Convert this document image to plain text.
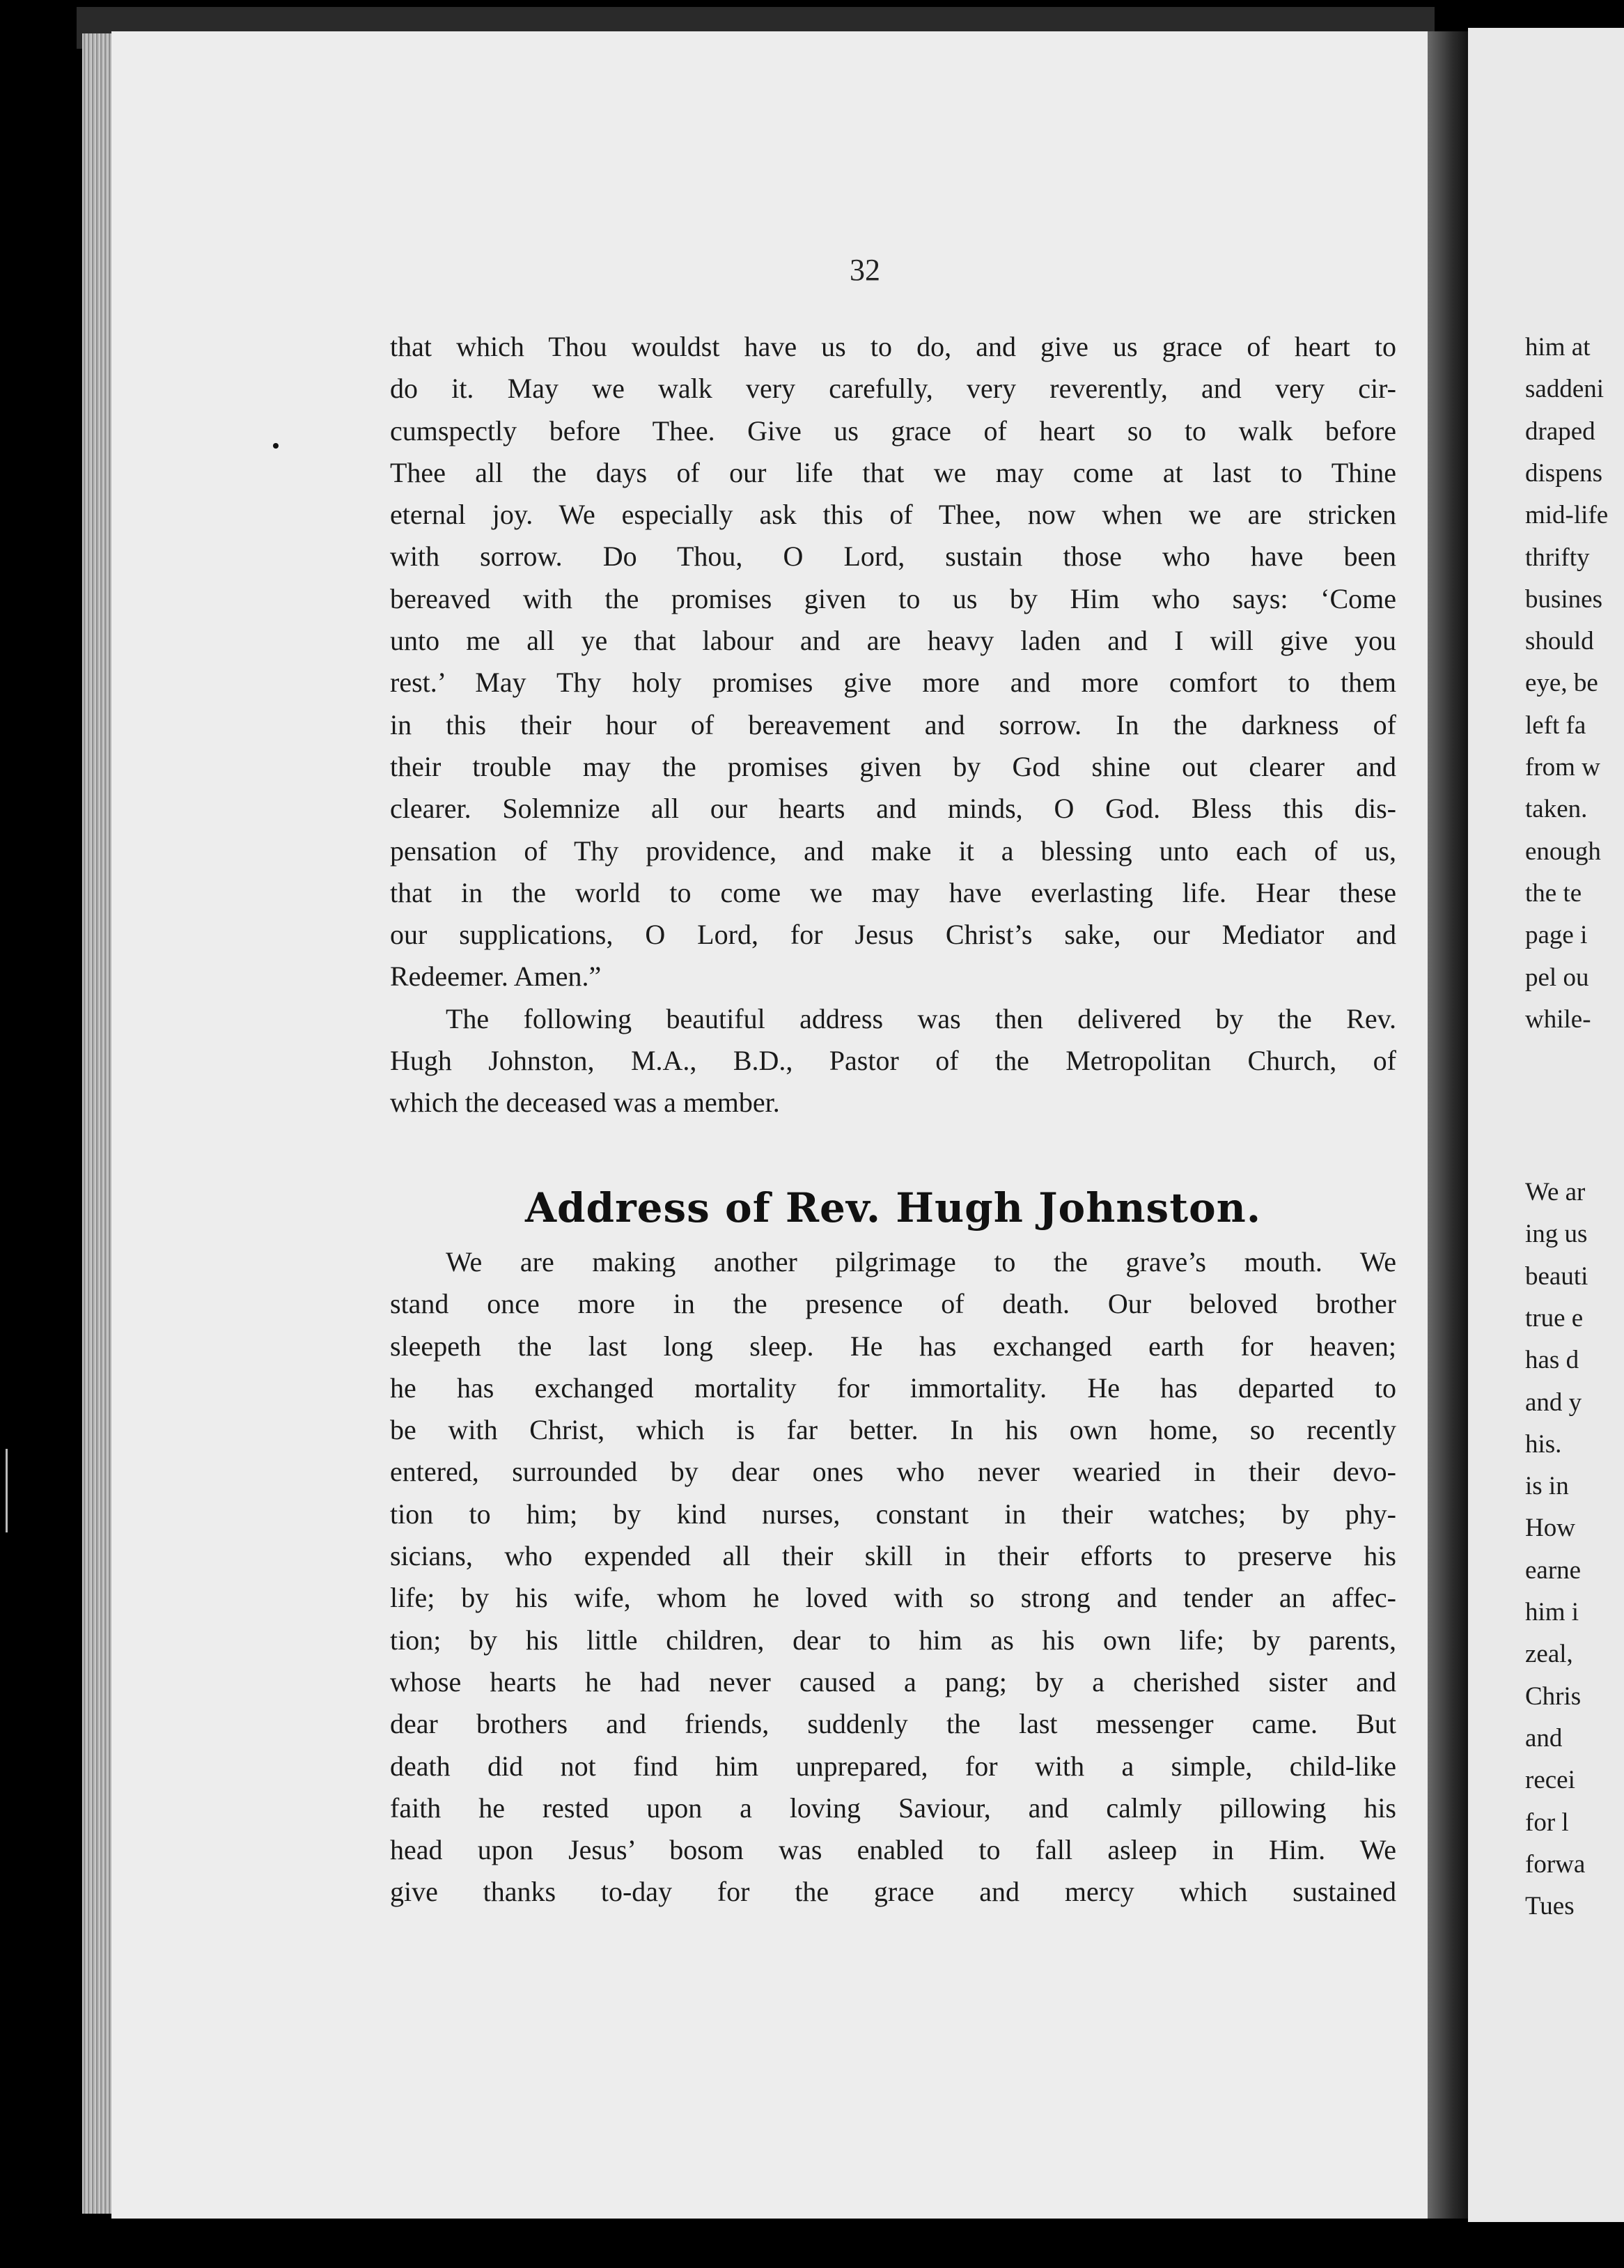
him at
saddeni
draped
dispens
mid-life
thrifty
busines
should
eye, be
left fa
from w
taken.
enough
the te
page i
pel ou
while-
We ar
ing us
beauti
true e
has d
and y
his.
is in
How
earne
him i
zeal,
Chris
and
recei
for l
forwa
Tues
32
that which Thou wouldst have us to do, and give us grace of heart to
do it. May we walk very carefully, very reverently, and very cir-
cumspectly before Thee. Give us grace of heart so to walk before
Thee all the days of our life that we may come at last to Thine
eternal joy. We especially ask this of Thee, now when we are stricken
with sorrow. Do Thou, O Lord, sustain those who have been
bereaved with the promises given to us by Him who says: ‘Come
unto me all ye that labour and are heavy laden and I will give you
rest.’ May Thy holy promises give more and more comfort to them
in this their hour of bereavement and sorrow. In the darkness of
their trouble may the promises given by God shine out clearer and
clearer. Solemnize all our hearts and minds, O God. Bless this dis-
pensation of Thy providence, and make it a blessing unto each of us,
that in the world to come we may have everlasting life. Hear these
our supplications, O Lord, for Jesus Christ’s sake, our Mediator and
Redeemer. Amen.”
The following beautiful address was then delivered by the Rev.
Hugh Johnston, M.A., B.D., Pastor of the Metropolitan Church, of
which the deceased was a member.
Address of Rev. Hugh Johnston.
We are making another pilgrimage to the grave’s mouth. We
stand once more in the presence of death. Our beloved brother
sleepeth the last long sleep. He has exchanged earth for heaven;
he has exchanged mortality for immortality. He has departed to
be with Christ, which is far better. In his own home, so recently
entered, surrounded by dear ones who never wearied in their devo-
tion to him; by kind nurses, constant in their watches; by phy-
sicians, who expended all their skill in their efforts to preserve his
life; by his wife, whom he loved with so strong and tender an affec-
tion; by his little children, dear to him as his own life; by parents,
whose hearts he had never caused a pang; by a cherished sister and
dear brothers and friends, suddenly the last messenger came. But
death did not find him unprepared, for with a simple, child-like
faith he rested upon a loving Saviour, and calmly pillowing his
head upon Jesus’ bosom was enabled to fall asleep in Him. We
give thanks to-day for the grace and mercy which sustained
